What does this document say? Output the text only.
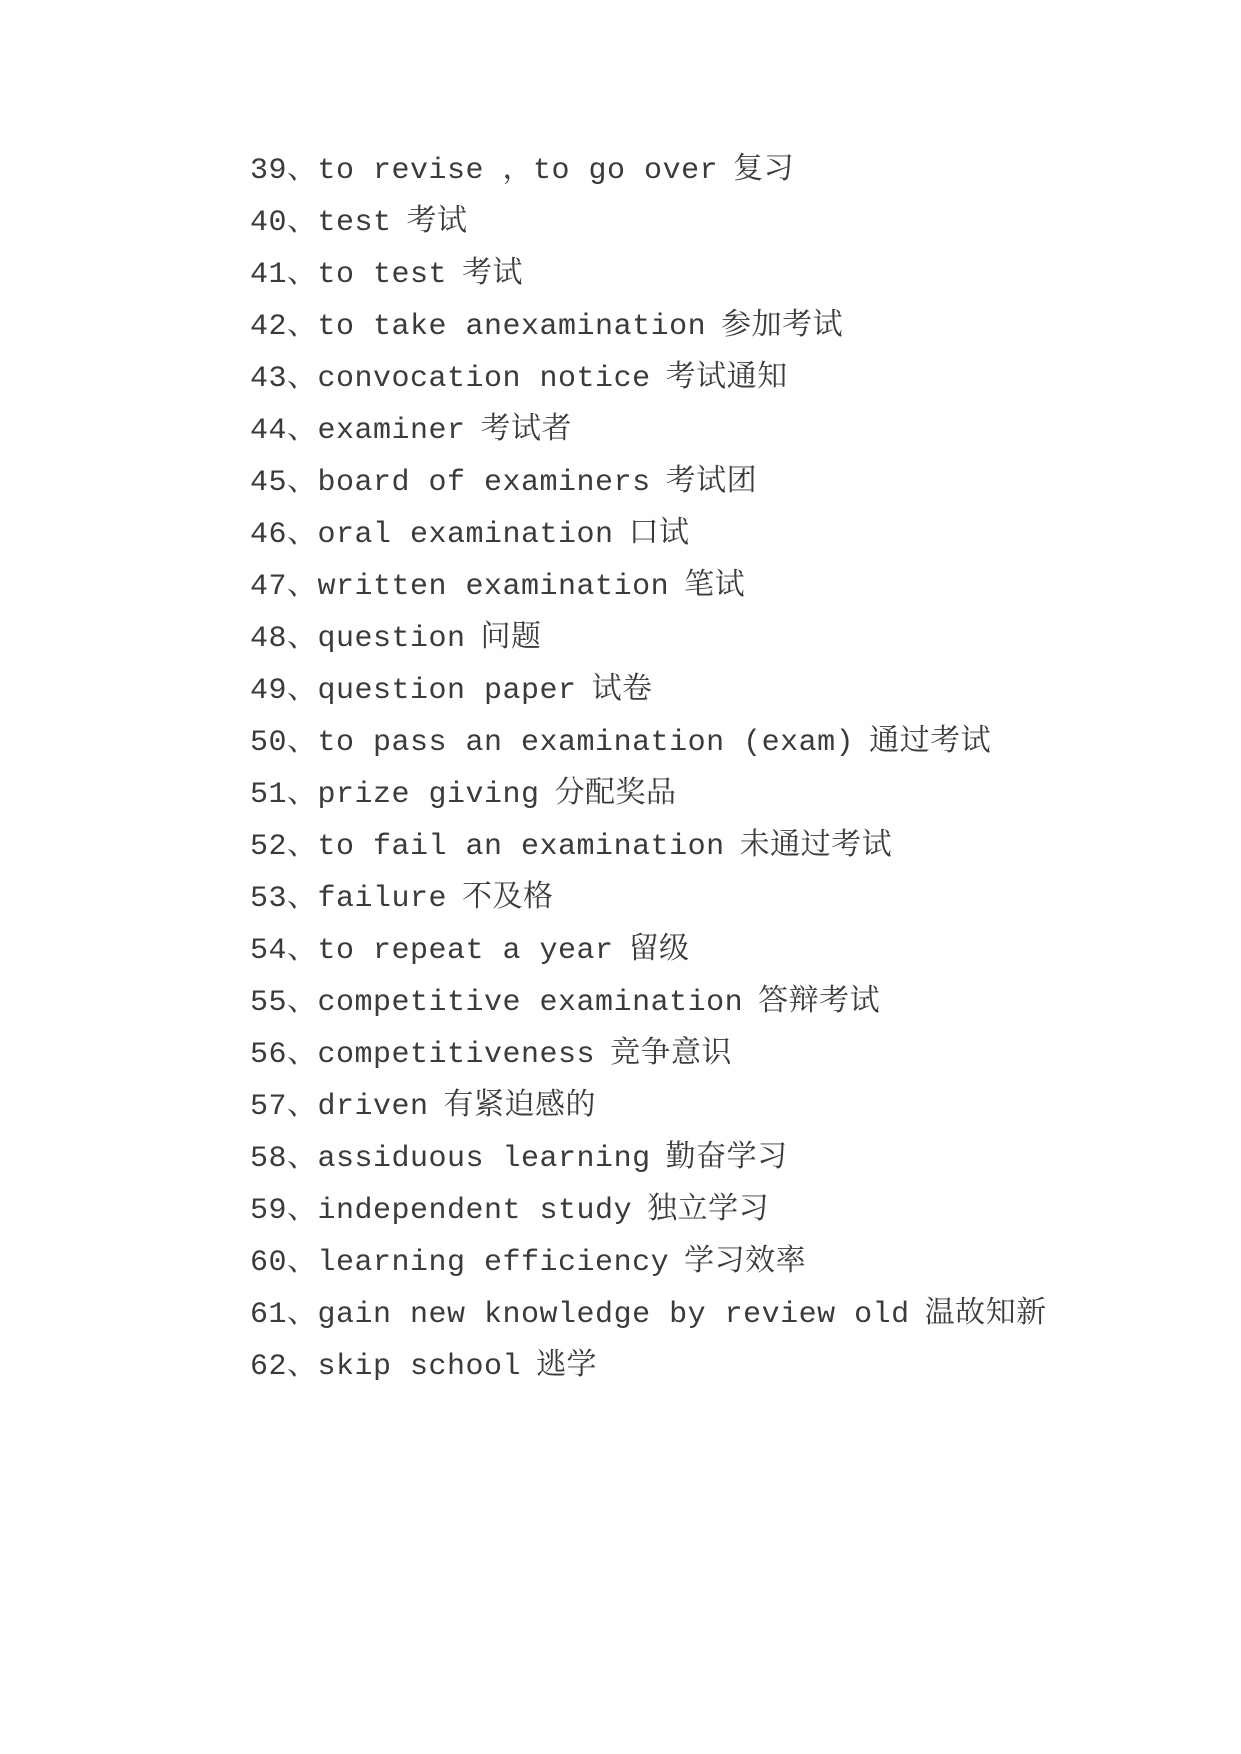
39、to revise ，to go over 复习
40、test 考试
41、to test 考试
42、to take anexamination 参加考试
43、convocation notice 考试通知
44、examiner 考试者
45、board of examiners 考试团
46、oral examination 口试
47、written examination 笔试
48、question 问题
49、question paper 试卷
50、to pass an examination (exam) 通过考试
51、prize giving 分配奖品
52、to fail an examination 未通过考试
53、failure 不及格
54、to repeat a year 留级
55、competitive examination 答辩考试
56、competitiveness 竞争意识
57、driven 有紧迫感的
58、assiduous learning 勤奋学习
59、independent study 独立学习
60、learning efficiency 学习效率
61、gain new knowledge by review old 温故知新
62、skip school 逃学
